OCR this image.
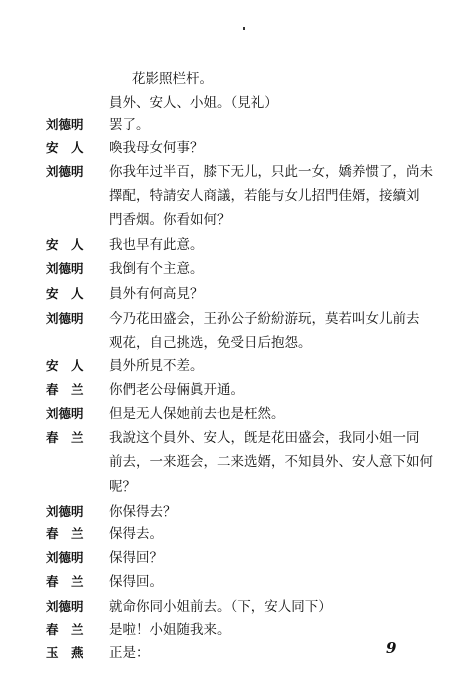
花影照栏杆。
員外、安人、小姐。（見礼）
刘德明	罢了。
安　人	喚我母女何事？
刘德明	你我年过半百，膝下无儿，只此一女，嬌养惯了，尚未
擇配，特請安人商議，若能与女儿招門佳婿，接續刘
門香烟。你看如何？
安　人	我也早有此意。
刘德明	我倒有个主意。
安　人	員外有何高見？
刘德明	今乃花田盛会，王孙公子紛紛游玩，莫若叫女儿前去
观花，自己挑选，免受日后抱怨。
安　人	員外所見不差。
春　兰	你們老公母倆眞开通。
刘德明	但是无人保她前去也是枉然。
春　兰	我說这个員外、安人，旣是花田盛会，我同小姐一同
前去，一来逛会，二来选婿，不知員外、安人意下如何
呢？
刘德明	你保得去？
春　兰	保得去。
刘德明	保得回？
春　兰	保得回。
刘德明	就命你同小姐前去。（下，安人同下）
春　兰	是啦！小姐随我来。
玉　燕	正是：	9
